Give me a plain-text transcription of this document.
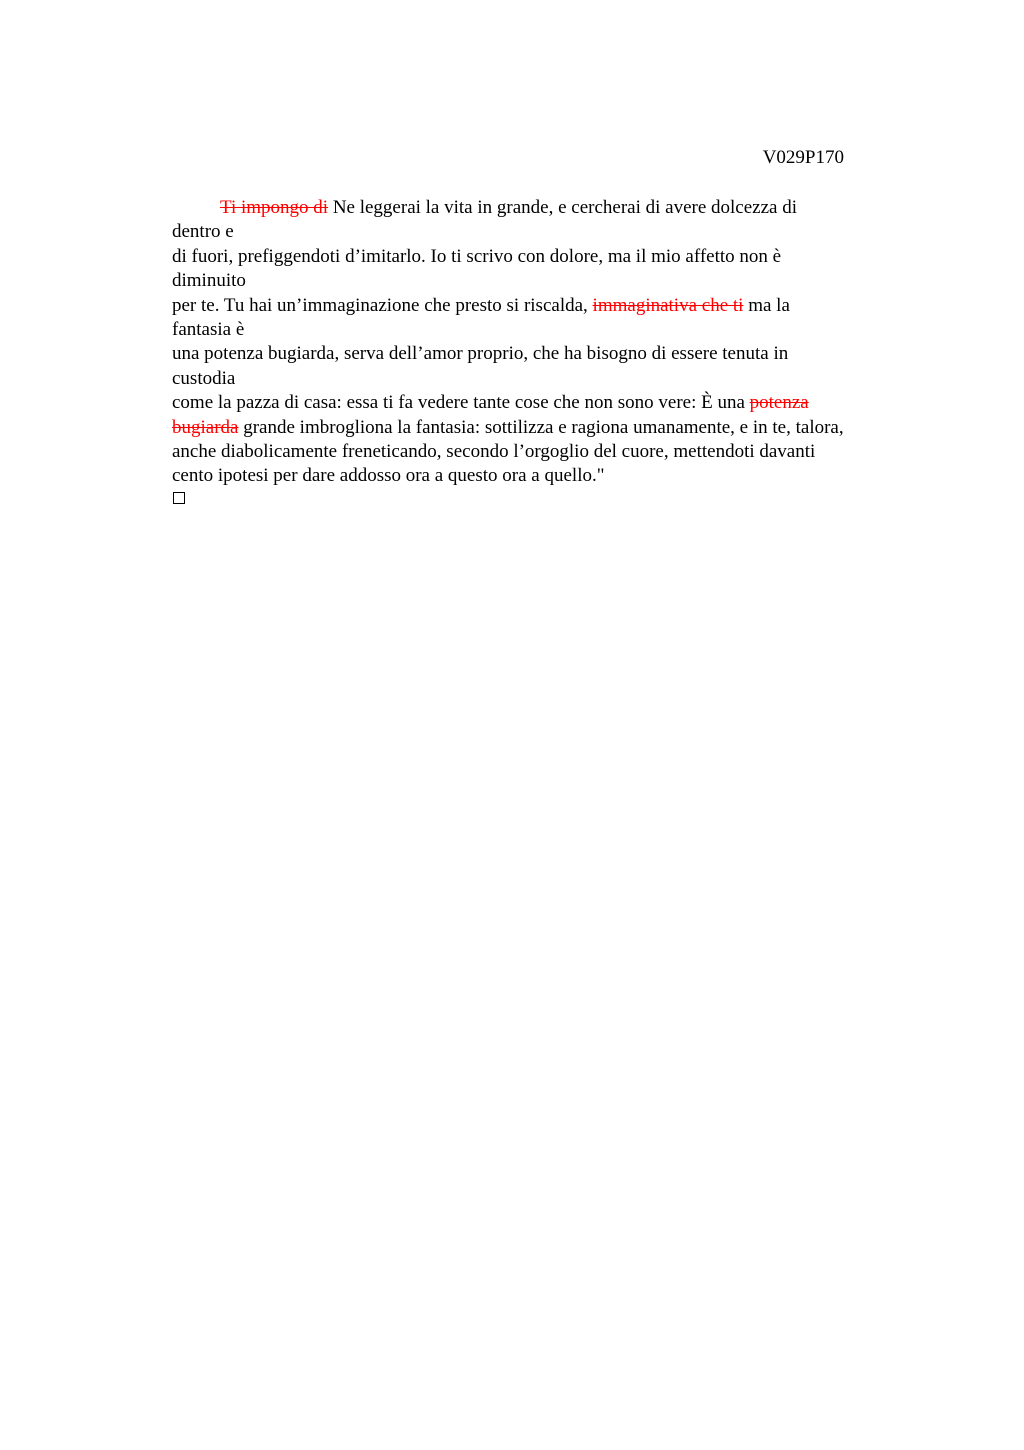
V029P170
Ti impongo di Ne leggerai la vita in grande, e cercherai di avere dolcezza di
dentro e
di fuori, prefiggendoti d’imitarlo. Io ti scrivo con dolore, ma il mio affetto non è
diminuito
per te. Tu hai un’immaginazione che presto si riscalda, immaginativa che ti ma la
fantasia è
una potenza bugiarda, serva dell’amor proprio, che ha bisogno di essere tenuta in
custodia
come la pazza di casa: essa ti fa vedere tante cose che non sono vere: È una potenza
bugiarda grande imbrogliona la fantasia: sottilizza e ragiona umanamente, e in te, talora,
anche diabolicamente freneticando, secondo l’orgoglio del cuore, mettendoti davanti
cento ipotesi per dare addosso ora a questo ora a quello."
